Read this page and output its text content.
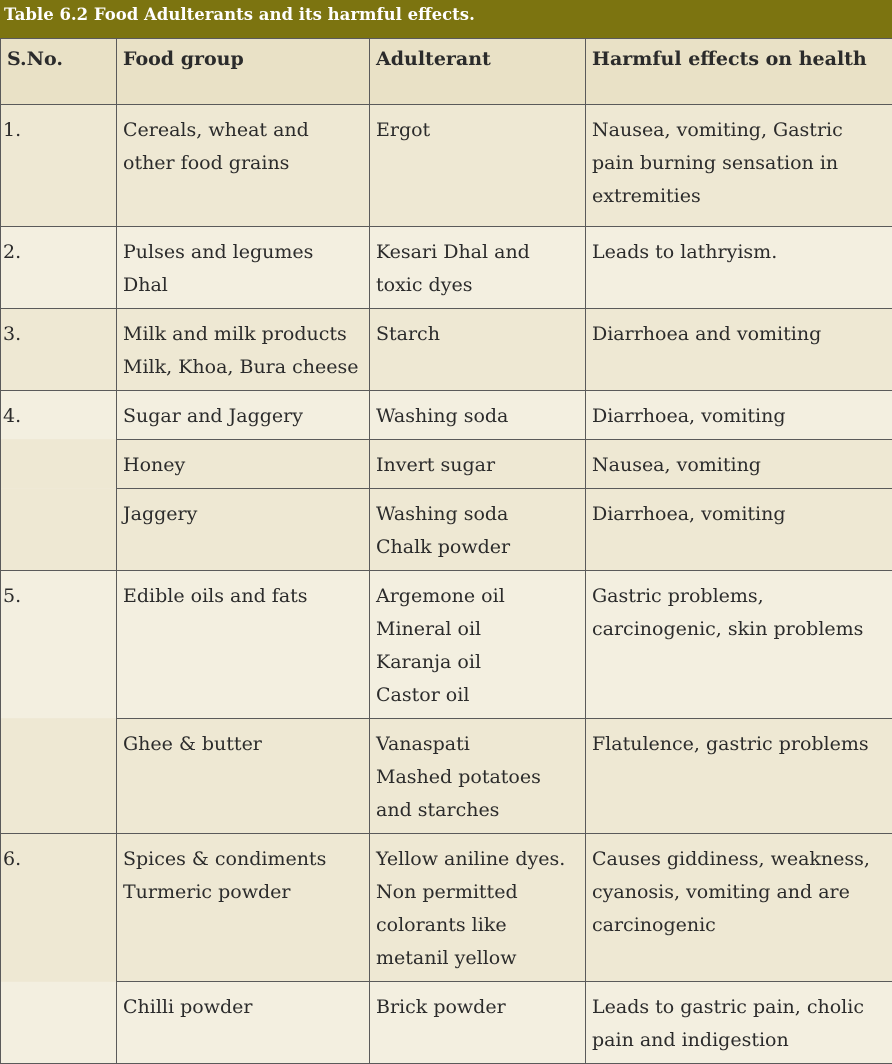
Table 6.2 Food Adulterants and its harmful effects.
S.No.	Food group	Adulterant	Harmful effects on health

1.	Cereals, wheat and
other food grains	Ergot	Nausea, vomiting, Gastric
pain burning sensation in
extremities

2.	Pulses and legumes
Dhal	Kesari Dhal and
toxic dyes	Leads to lathryism.

3.	Milk and milk products
Milk, Khoa, Bura cheese	Starch	Diarrhoea and vomiting

4.	Sugar and Jaggery	Washing soda	Diarrhoea, vomiting

	Honey	Invert sugar	Nausea, vomiting

	Jaggery	Washing soda
Chalk powder	Diarrhoea, vomiting

5.	Edible oils and fats	Argemone oil
Mineral oil
Karanja oil
Castor oil	Gastric problems,
carcinogenic, skin problems

	Ghee & butter	Vanaspati
Mashed potatoes
and starches	Flatulence, gastric problems

6.	Spices & condiments
Turmeric powder	Yellow aniline dyes.
Non permitted
colorants like
metanil yellow	Causes giddiness, weakness,
cyanosis, vomiting and are
carcinogenic

	Chilli powder	Brick powder	Leads to gastric pain, cholic
pain and indigestion
